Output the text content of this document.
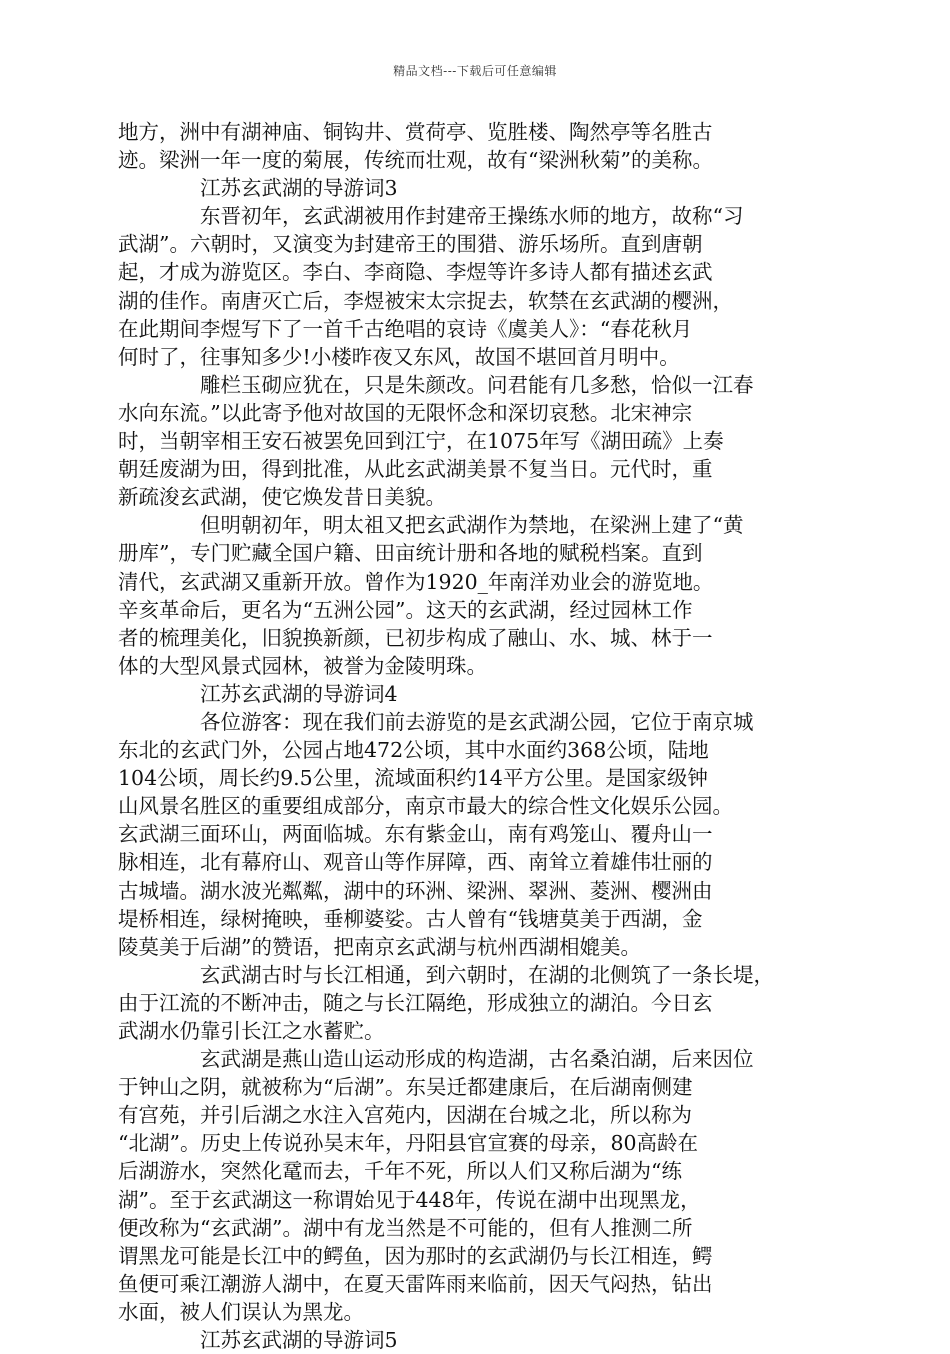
精品文档---下载后可任意编辑
地方，洲中有湖神庙、铜钩井、赏荷亭、览胜楼、陶然亭等名胜古
迹。梁洲一年一度的菊展，传统而壮观，故有“梁洲秋菊”的美称。
江苏玄武湖的导游词3
东晋初年，玄武湖被用作封建帝王操练水师的地方，故称“习
武湖”。六朝时，又演变为封建帝王的围猎、游乐场所。直到唐朝
起，才成为游览区。李白、李商隐、李煜等许多诗人都有描述玄武
湖的佳作。南唐灭亡后，李煜被宋太宗捉去，软禁在玄武湖的樱洲，
在此期间李煜写下了一首千古绝唱的哀诗《虞美人》：“春花秋月
何时了，往事知多少!小楼昨夜又东风，故国不堪回首月明中。
雕栏玉砌应犹在，只是朱颜改。问君能有几多愁，恰似一江春
水向东流。”以此寄予他对故国的无限怀念和深切哀愁。北宋神宗
时，当朝宰相王安石被罢免回到江宁，在1075年写《湖田疏》上奏
朝廷废湖为田，得到批准，从此玄武湖美景不复当日。元代时，重
新疏浚玄武湖，使它焕发昔日美貌。
但明朝初年，明太祖又把玄武湖作为禁地，在梁洲上建了“黄
册库”，专门贮藏全国户籍、田亩统计册和各地的赋税档案。直到
清代，玄武湖又重新开放。曾作为1920_年南洋劝业会的游览地。
辛亥革命后，更名为“五洲公园”。这天的玄武湖，经过园林工作
者的梳理美化，旧貌换新颜，已初步构成了融山、水、城、林于一
体的大型风景式园林，被誉为金陵明珠。
江苏玄武湖的导游词4
各位游客：现在我们前去游览的是玄武湖公园，它位于南京城
东北的玄武门外，公园占地472公顷，其中水面约368公顷，陆地
104公顷，周长约9.5公里，流域面积约14平方公里。是国家级钟
山风景名胜区的重要组成部分，南京市最大的综合性文化娱乐公园。
玄武湖三面环山，两面临城。东有紫金山，南有鸡笼山、覆舟山一
脉相连，北有幕府山、观音山等作屏障，西、南耸立着雄伟壮丽的
古城墙。湖水波光粼粼，湖中的环洲、梁洲、翠洲、菱洲、樱洲由
堤桥相连，绿树掩映，垂柳婆娑。古人曾有“钱塘莫美于西湖，金
陵莫美于后湖”的赞语，把南京玄武湖与杭州西湖相媲美。
玄武湖古时与长江相通，到六朝时，在湖的北侧筑了一条长堤，
由于江流的不断冲击，随之与长江隔绝，形成独立的湖泊。今日玄
武湖水仍靠引长江之水蓄贮。
玄武湖是燕山造山运动形成的构造湖，古名桑泊湖，后来因位
于钟山之阴，就被称为“后湖”。东吴迁都建康后，在后湖南侧建
有宫苑，并引后湖之水注入宫苑内，因湖在台城之北，所以称为
“北湖”。历史上传说孙吴末年，丹阳县官宣赛的母亲，80高龄在
后湖游水，突然化鼋而去，千年不死，所以人们又称后湖为“练
湖”。至于玄武湖这一称谓始见于448年，传说在湖中出现黑龙，
便改称为“玄武湖”。湖中有龙当然是不可能的，但有人推测二所
谓黑龙可能是长江中的鳄鱼，因为那时的玄武湖仍与长江相连，鳄
鱼便可乘江潮游人湖中，在夏天雷阵雨来临前，因天气闷热，钻出
水面，被人们误认为黑龙。
江苏玄武湖的导游词5
